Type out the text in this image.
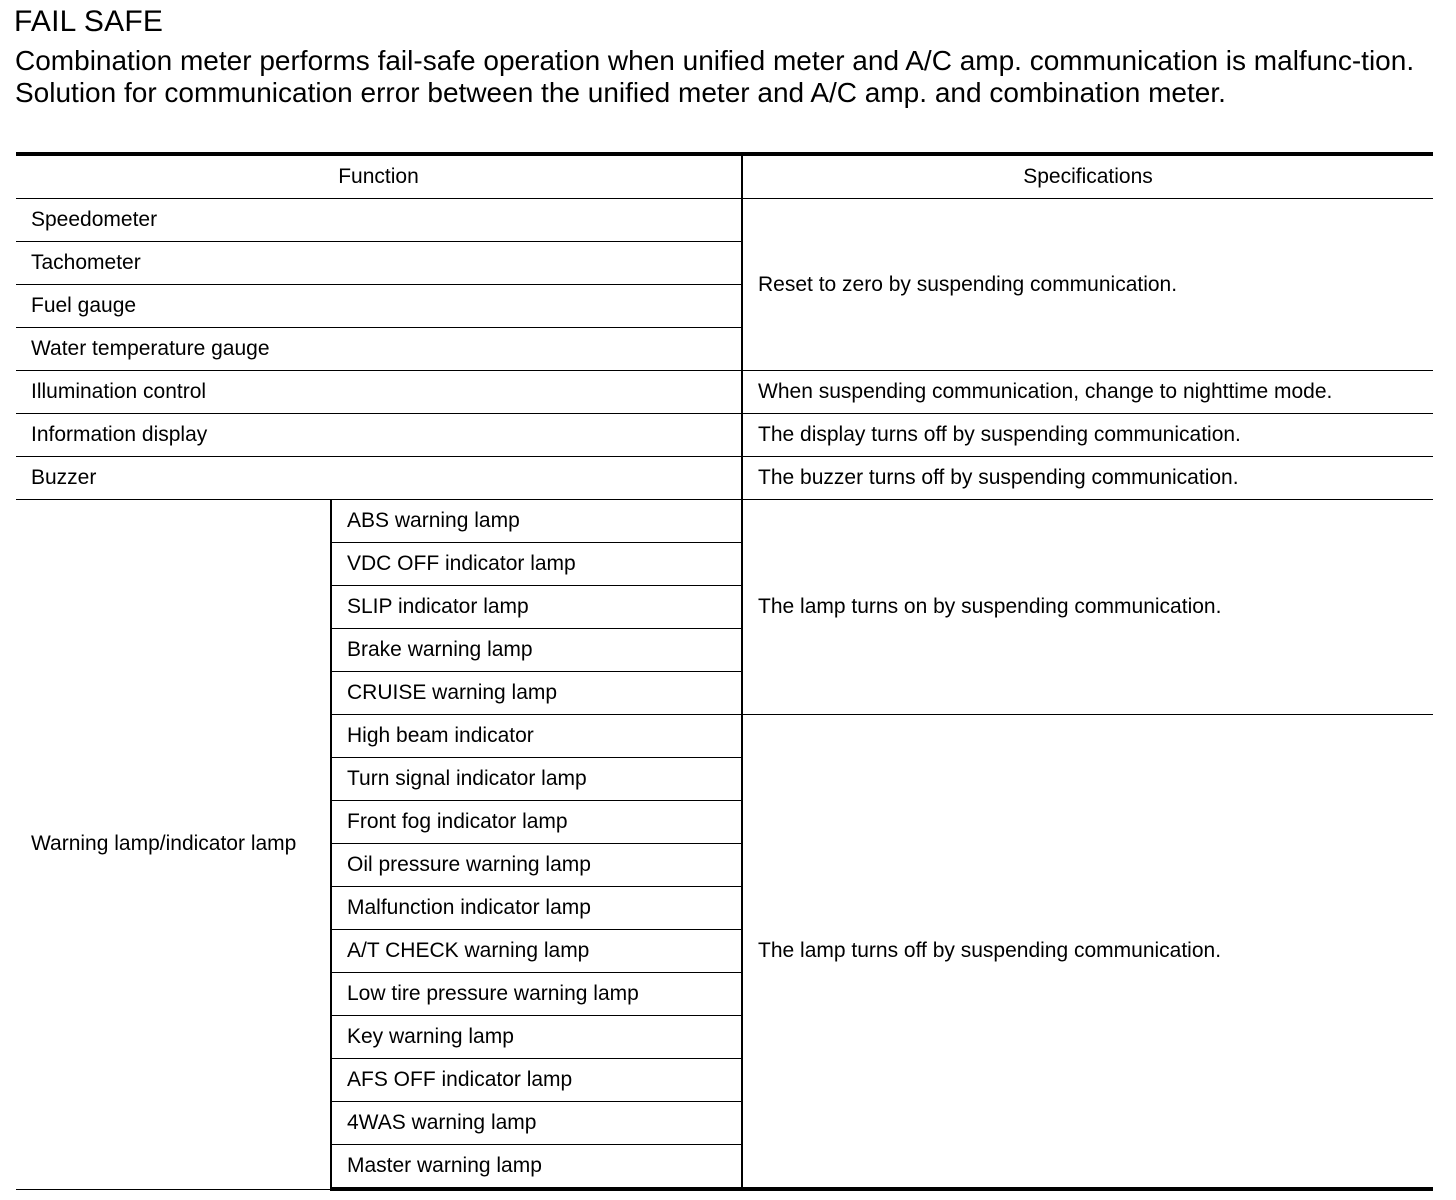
FAIL SAFE

Combination meter performs fail-safe operation when unified meter and A/C amp. communication is malfunc-tion.

Solution for communication error between the unified meter and A/C amp. and combination meter.

Function		Specifications
Speedometer		Reset to zero by suspending communication.
Tachometer		
Fuel gauge		
Water temperature gauge		
Illumination control		When suspending communication, change to nighttime mode.
Information display		The display turns off by suspending communication.
Buzzer		The buzzer turns off by suspending communication.
Warning lamp/indicator lamp	ABS warning lamp	The lamp turns on by suspending communication.
	VDC OFF indicator lamp	
	SLIP indicator lamp	
	Brake warning lamp	
	CRUISE warning lamp	
	High beam indicator	The lamp turns off by suspending communication.
	Turn signal indicator lamp	
	Front fog indicator lamp	
	Oil pressure warning lamp	
	Malfunction indicator lamp	
	A/T CHECK warning lamp	
	Low tire pressure warning lamp	
	Key warning lamp	
	AFS OFF indicator lamp	
	4WAS warning lamp	
	Master warning lamp	
